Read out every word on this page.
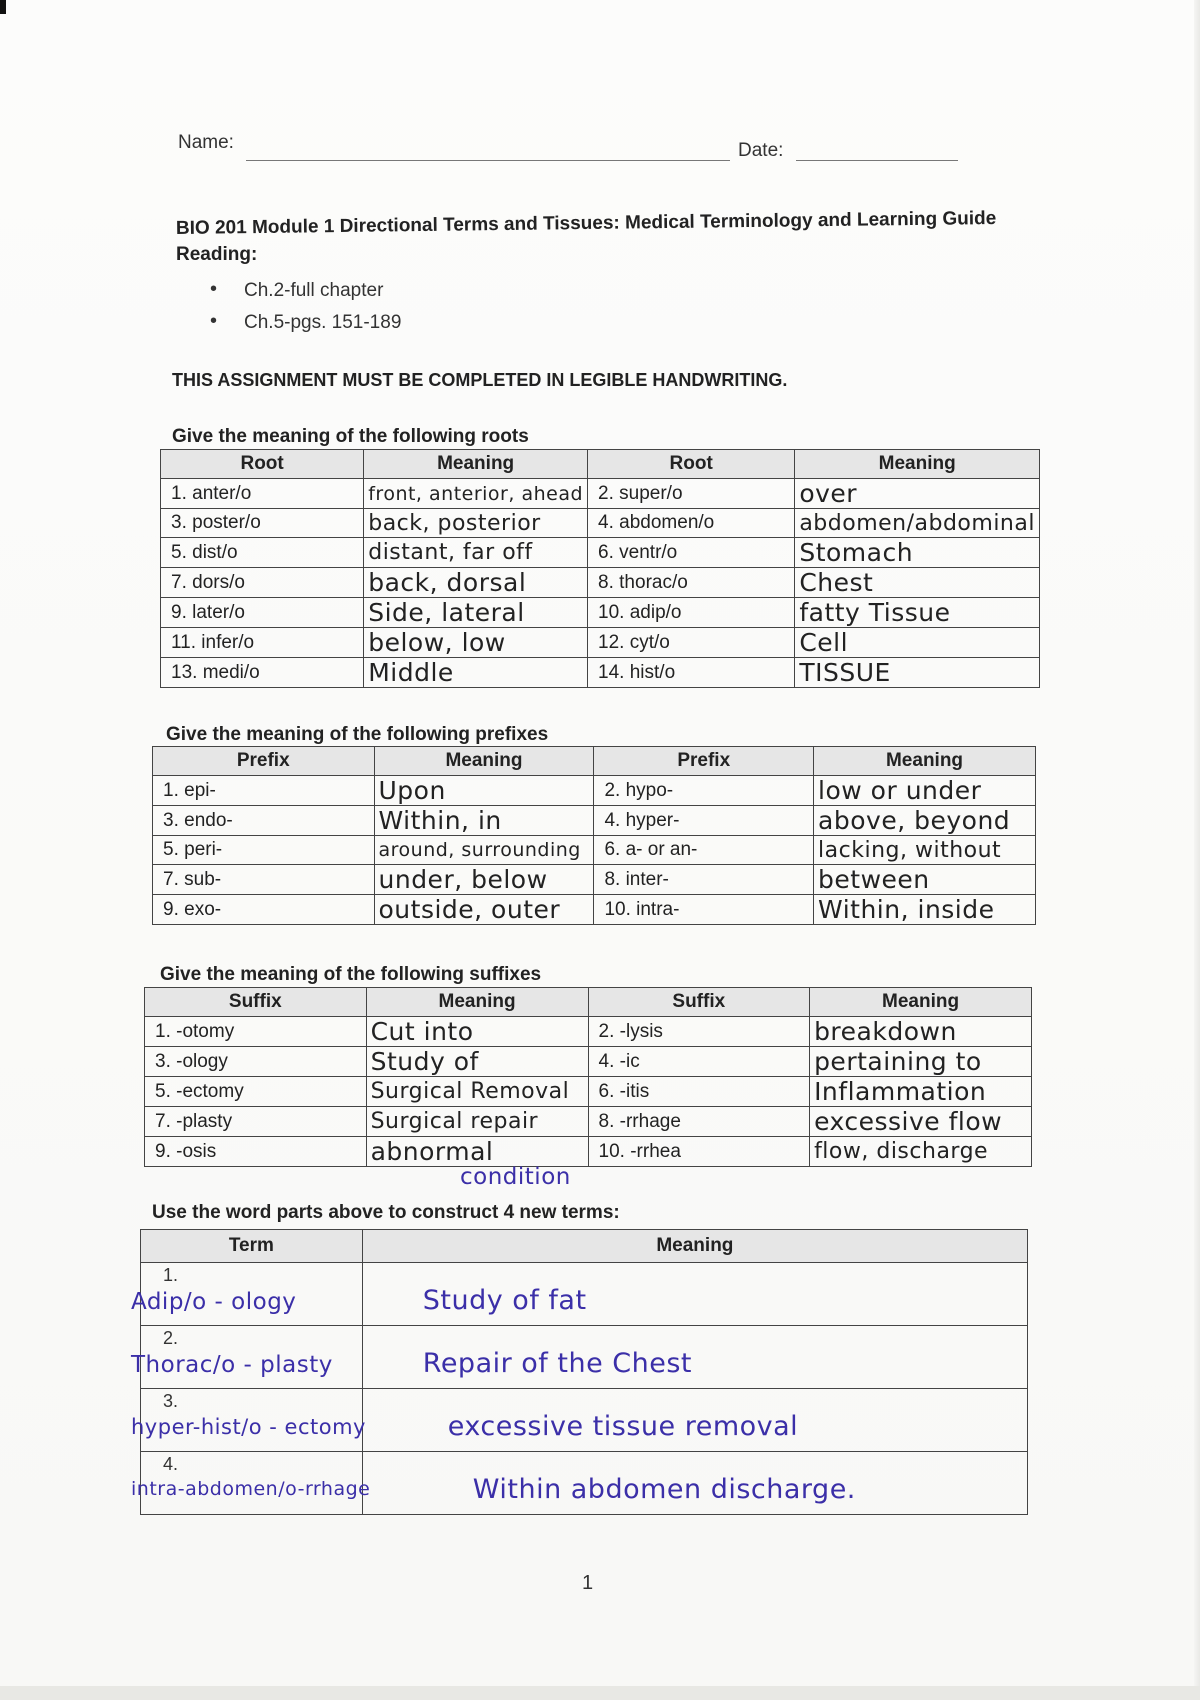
Name:	Date:
BIO 201 Module 1 Directional Terms and Tissues: Medical Terminology and Learning Guide
Reading:
• Ch.2-full chapter
• Ch.5-pgs. 151-189
THIS ASSIGNMENT MUST BE COMPLETED IN LEGIBLE HANDWRITING.
Give the meaning of the following roots
Root	Meaning	Root	Meaning
1. anter/o	front, anterior, ahead	2. super/o	over
3. poster/o	back, posterior	4. abdomen/o	abdomen/abdominal
5. dist/o	distant, far off	6. ventr/o	Stomach
7. dors/o	back, dorsal	8. thorac/o	Chest
9. later/o	Side, lateral	10. adip/o	fatty Tissue
11. infer/o	below, low	12. cyt/o	Cell
13. medi/o	Middle	14. hist/o	TISSUE
Give the meaning of the following prefixes
Prefix	Meaning	Prefix	Meaning
1. epi-	Upon	2. hypo-	low or under
3. endo-	Within, in	4. hyper-	above, beyond
5. peri-	around, surrounding	6. a- or an-	lacking, without
7. sub-	under, below	8. inter-	between
9. exo-	outside, outer	10. intra-	Within, inside
Give the meaning of the following suffixes
Suffix	Meaning	Suffix	Meaning
1. -otomy	Cut into	2. -lysis	breakdown
3. -ology	Study of	4. -ic	pertaining to
5. -ectomy	Surgical Removal	6. -itis	Inflammation
7. -plasty	Surgical repair	8. -rrhage	excessive flow
9. -osis	abnormal	10. -rrhea	flow, discharge
condition
Use the word parts above to construct 4 new terms:
Term	Meaning

1.
Adip/o - ology	Study of fat

2.
Thorac/o - plasty	Repair of the Chest

3.
hyper-hist/o - ectomy	excessive tissue removal

4.
intra-abdomen/o-rrhage	Within abdomen discharge.
1
